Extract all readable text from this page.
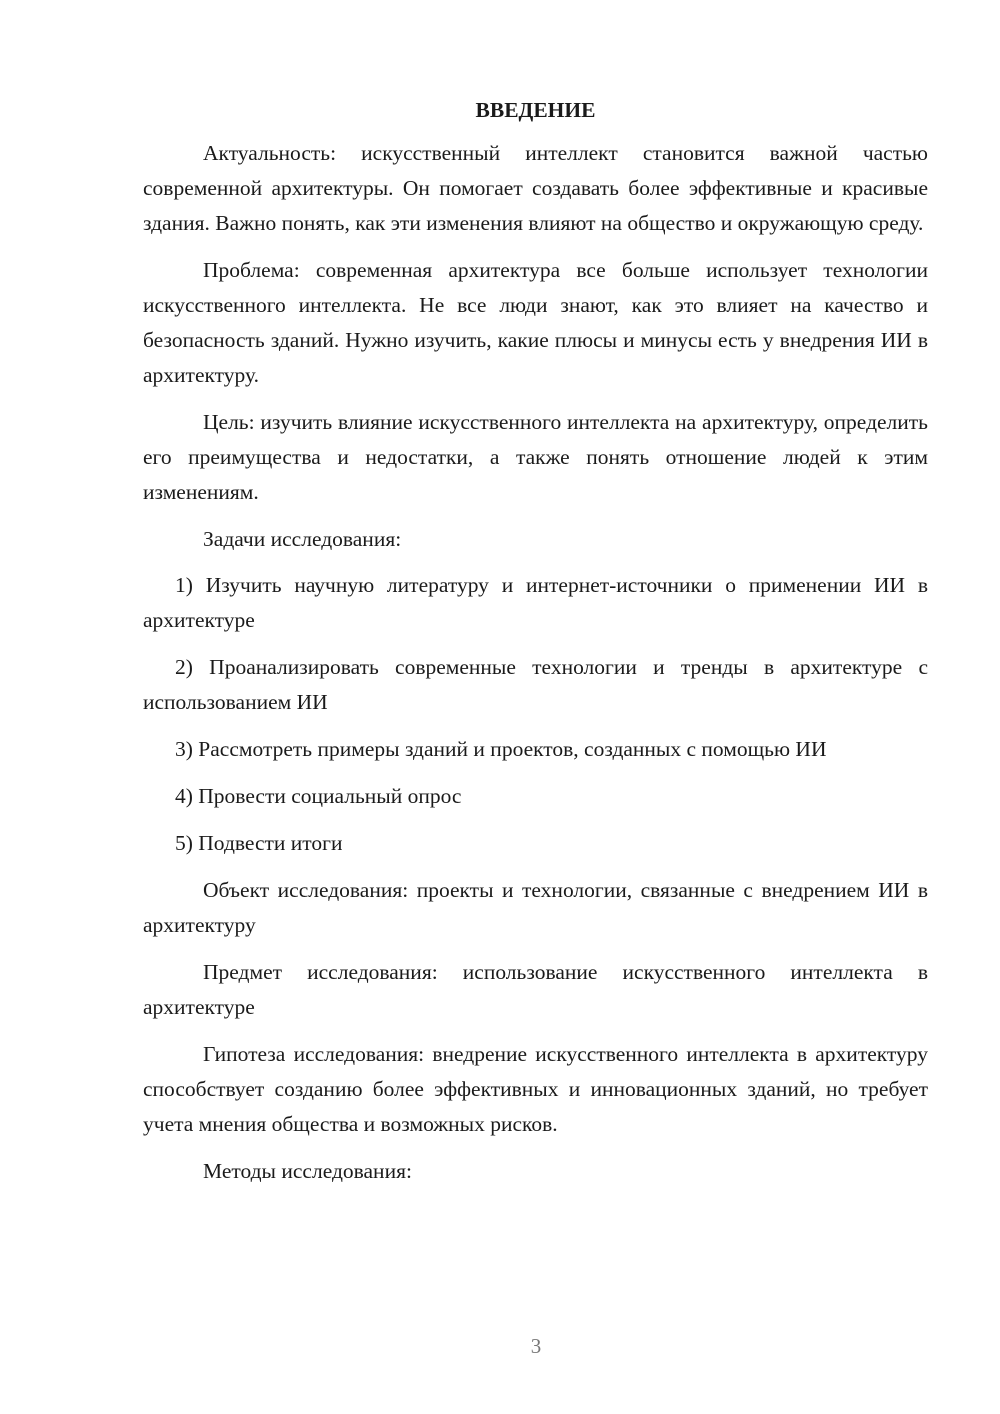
ВВЕДЕНИЕ

Актуальность: искусственный интеллект становится важной частью современной архитектуры. Он помогает создавать более эффективные и красивые здания. Важно понять, как эти изменения влияют на общество и окружающую среду.

Проблема: современная архитектура все больше использует технологии искусственного интеллекта. Не все люди знают, как это влияет на качество и безопасность зданий. Нужно изучить, какие плюсы и минусы есть у внедрения ИИ в архитектуру.

Цель: изучить влияние искусственного интеллекта на архитектуру, определить его преимущества и недостатки, а также понять отношение людей к этим изменениям.

Задачи исследования:

1) Изучить научную литературу и интернет-источники о применении ИИ в архитектуре

2) Проанализировать современные технологии и тренды в архитектуре с использованием ИИ

3) Рассмотреть примеры зданий и проектов, созданных с помощью ИИ

4) Провести социальный опрос

5) Подвести итоги

Объект исследования: проекты и технологии, связанные с внедрением ИИ в архитектуру

Предмет исследования: использование искусственного интеллекта в архитектуре

Гипотеза исследования: внедрение искусственного интеллекта в архитектуру способствует созданию более эффективных и инновационных зданий, но требует учета мнения общества и возможных рисков.

Методы исследования:

3
